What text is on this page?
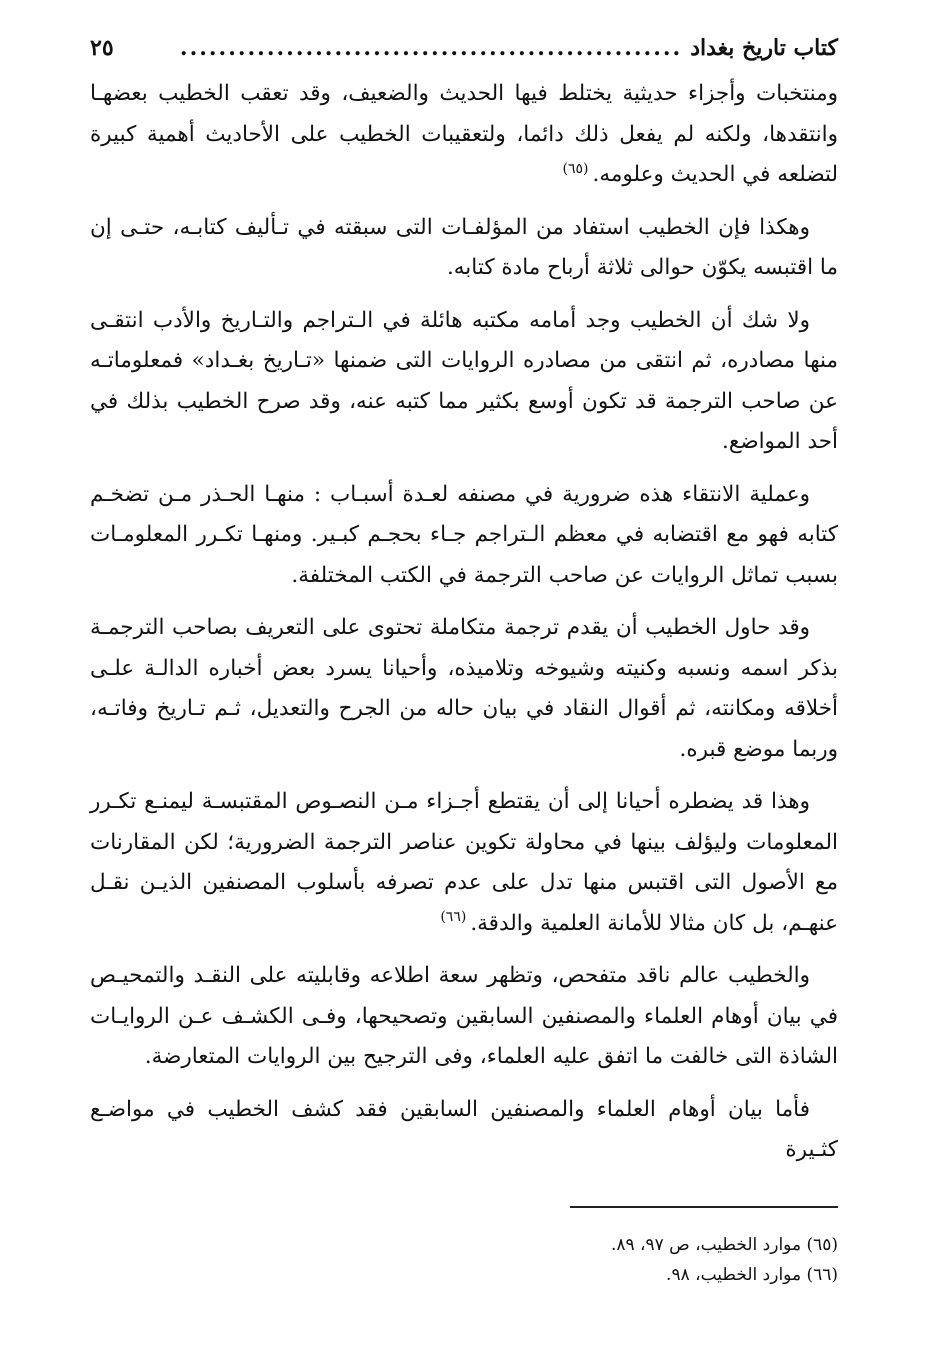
كتاب تاريخ بغداد
....................................................
٢٥

ومنتخبات وأجزاء حديثية يختلط فيها الحديث والضعيف، وقد تعقب الخطيب بعضهـا وانتقدها، ولكنه لم يفعل ذلك دائما، ولتعقيبات الخطيب على الأحاديث أهمية كبيرة لتضلعه في الحديث وعلومه.$^{(٦٥)}$

وهكذا فإن الخطيب استفاد من المؤلفـات التى سبقته في تـأليف كتابـه، حتـى إن ما اقتبسه يكوّن حوالى ثلاثة أرباح مادة كتابه.

ولا شك أن الخطيب وجد أمامه مكتبه هائلة في الـتراجم والتـاريخ والأدب انتقـى منها مصادره، ثم انتقى من مصادره الروايات التى ضمنها «تـاريخ بغـداد» فمعلوماتـه عن صاحب الترجمة قد تكون أوسع بكثير مما كتبه عنه، وقد صرح الخطيب بذلك في أحد المواضع.

وعملية الانتقاء هذه ضرورية في مصنفه لعـدة أسبـاب : منهـا الحـذر مـن تضخـم كتابه فهو مع اقتضابه في معظم الـتراجم جـاء بحجـم كبـير. ومنهـا تكـرر المعلومـات بسبب تماثل الروايات عن صاحب الترجمة في الكتب المختلفة.

وقد حاول الخطيب أن يقدم ترجمة متكاملة تحتوى على التعريف بصاحب الترجمـة بذكر اسمه ونسبه وكنيته وشيوخه وتلاميذه، وأحيانا يسرد بعض أخباره الدالـة علـى أخلاقه ومكانته، ثم أقوال النقاد في بيان حاله من الجرح والتعديل، ثـم تـاريخ وفاتـه، وربما موضع قبره.

وهذا قد يضطره أحيانا إلى أن يقتطع أجـزاء مـن النصـوص المقتبسـة ليمنـع تكـرر المعلومات وليؤلف بينها في محاولة تكوين عناصر الترجمة الضرورية؛ لكن المقارنات مع الأصول التى اقتبس منها تدل على عدم تصرفه بأسلوب المصنفين الذيـن نقـل عنهـم، بل كان مثالا للأمانة العلمية والدقة.$^{(٦٦)}$

والخطيب عالم ناقد متفحص، وتظهر سعة اطلاعه وقابليته على النقـد والتمحيـص في بيان أوهام العلماء والمصنفين السابقين وتصحيحها، وفـى الكشـف عـن الروايـات الشاذة التى خالفت ما اتفق عليه العلماء، وفى الترجيح بين الروايات المتعارضة.

فأما بيان أوهام العلماء والمصنفين السابقين فقد كشف الخطيب في مواضـع كثـيرة

(٦٥) موارد الخطيب، ص ٩٧، ٨٩.

(٦٦) موارد الخطيب، ٩٨.
